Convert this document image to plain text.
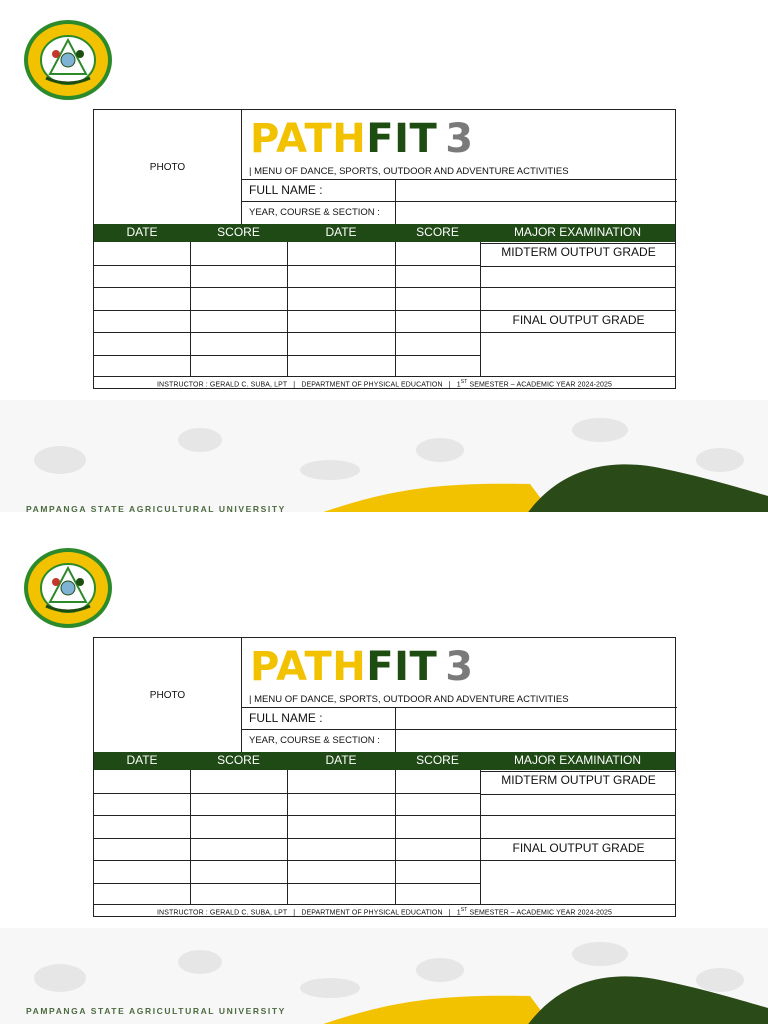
PHOTO
PATHFIT 3
| MENU OF DANCE, SPORTS, OUTDOOR AND ADVENTURE ACTIVITIES
FULL NAME :
YEAR, COURSE & SECTION :
DATE	SCORE	DATE	SCORE	MAJOR EXAMINATION
MIDTERM OUTPUT GRADE
FINAL OUTPUT GRADE
INSTRUCTOR : GERALD C. SUBA, LPT   |   DEPARTMENT OF PHYSICAL EDUCATION   |   1ST SEMESTER – ACADEMIC YEAR 2024-2025
PAMPANGA STATE AGRICULTURAL UNIVERSITY
PHOTO
PATHFIT 3
| MENU OF DANCE, SPORTS, OUTDOOR AND ADVENTURE ACTIVITIES
FULL NAME :
YEAR, COURSE & SECTION :
DATE	SCORE	DATE	SCORE	MAJOR EXAMINATION
MIDTERM OUTPUT GRADE
FINAL OUTPUT GRADE
INSTRUCTOR : GERALD C. SUBA, LPT   |   DEPARTMENT OF PHYSICAL EDUCATION   |   1ST SEMESTER – ACADEMIC YEAR 2024-2025
PAMPANGA STATE AGRICULTURAL UNIVERSITY
